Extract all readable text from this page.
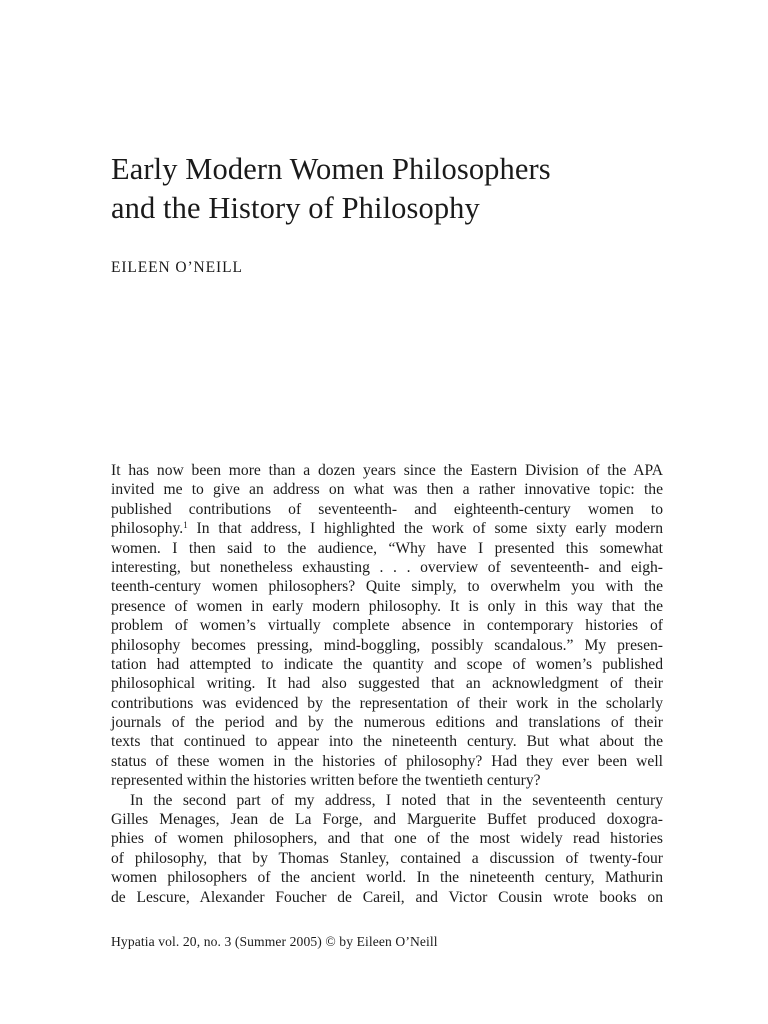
Early Modern Women Philosophers
and the History of Philosophy
EILEEN O’NEILL
It has now been more than a dozen years since the Eastern Division of the APA
invited me to give an address on what was then a rather innovative topic: the
published contributions of seventeenth- and eighteenth-century women to
philosophy.$^1$ In that address, I highlighted the work of some sixty early modern
women. I then said to the audience, “Why have I presented this somewhat
interesting, but nonetheless exhausting . . . overview of seventeenth- and eigh-
teenth-century women philosophers? Quite simply, to overwhelm you with the
presence of women in early modern philosophy. It is only in this way that the
problem of women’s virtually complete absence in contemporary histories of
philosophy becomes pressing, mind-boggling, possibly scandalous.” My presen-
tation had attempted to indicate the quantity and scope of women’s published
philosophical writing. It had also suggested that an acknowledgment of their
contributions was evidenced by the representation of their work in the scholarly
journals of the period and by the numerous editions and translations of their
texts that continued to appear into the nineteenth century. But what about the
status of these women in the histories of philosophy? Had they ever been well
represented within the histories written before the twentieth century?
In the second part of my address, I noted that in the seventeenth century
Gilles Menages, Jean de La Forge, and Marguerite Buffet produced doxogra-
phies of women philosophers, and that one of the most widely read histories
of philosophy, that by Thomas Stanley, contained a discussion of twenty-four
women philosophers of the ancient world. In the nineteenth century, Mathurin
de Lescure, Alexander Foucher de Careil, and Victor Cousin wrote books on
Hypatia vol. 20, no. 3 (Summer 2005) © by Eileen O’Neill
